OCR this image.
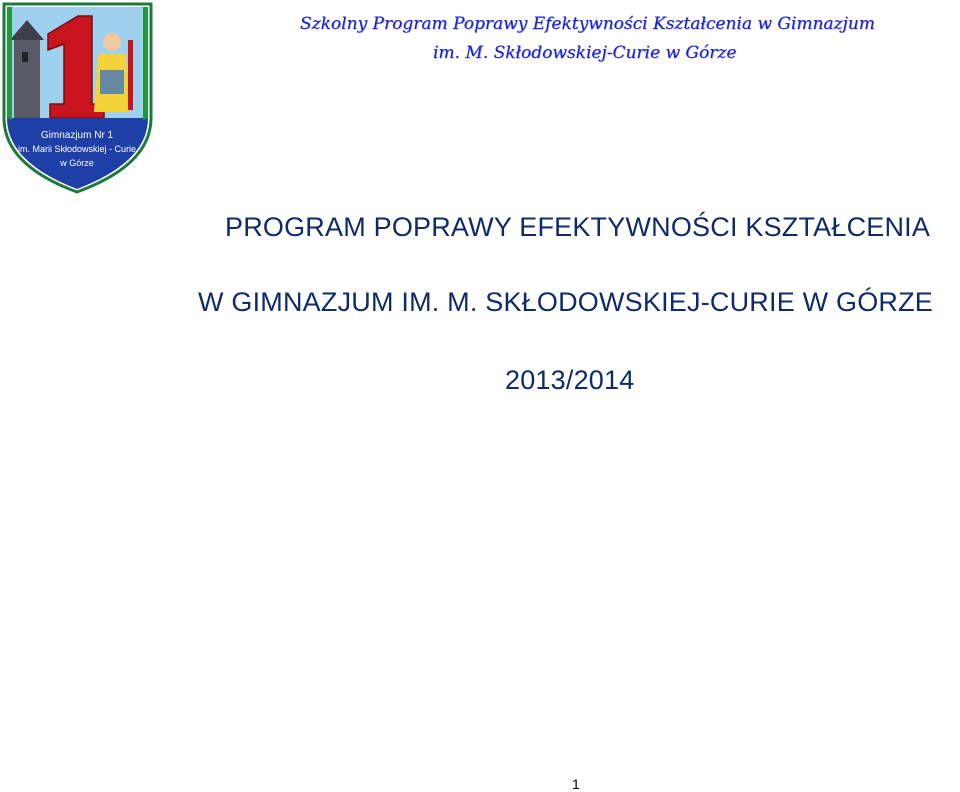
Gimnazjum Nr 1
im. Marii Skłodowskiej - Curie
w Górze
Szkolny Program Poprawy Efektywności Kształcenia w Gimnazjum
im. M. Skłodowskiej-Curie w Górze
PROGRAM POPRAWY EFEKTYWNOŚCI KSZTAŁCENIA
W GIMNAZJUM IM. M. SKŁODOWSKIEJ-CURIE W GÓRZE
2013/2014
1
